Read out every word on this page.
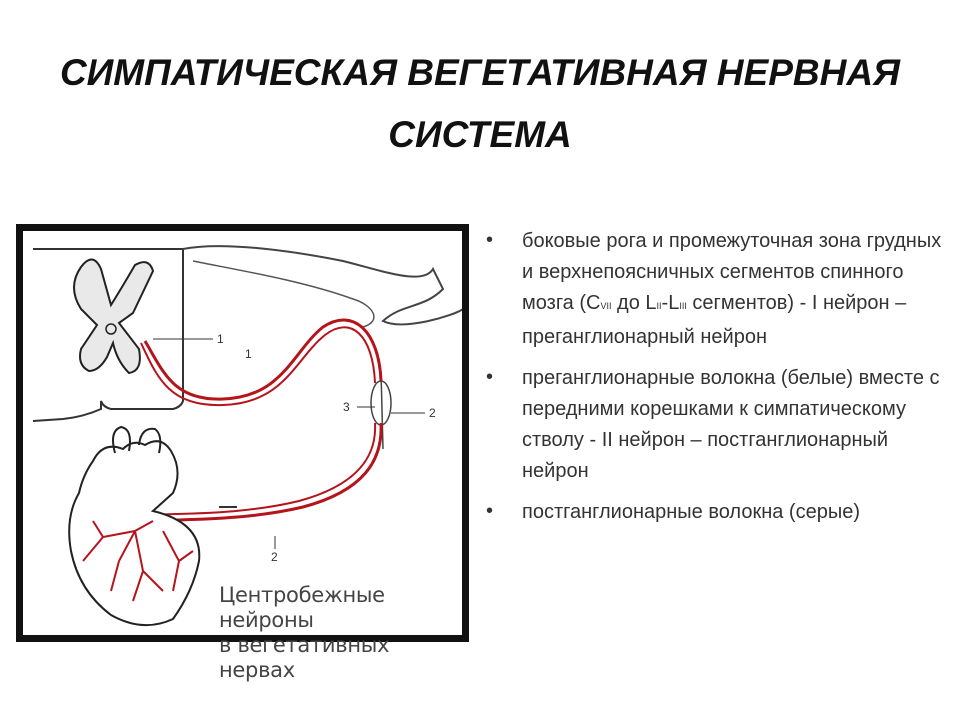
СИМПАТИЧЕСКАЯ ВЕГЕТАТИВНАЯ НЕРВНАЯ
СИСТЕМА
1
1
3	2
2
Центробежные нейроны
в вегетативных нервах
• боковые рога и промежуточная зона грудных и верхнепоясничных сегментов спинного мозга (CVII до LII-LIII сегментов) - I нейрон – преганглионарный нейрон
• преганглионарные волокна (белые) вместе с передними корешками к симпатическому стволу - II нейрон – постганглионарный нейрон
• постганглионарные волокна (серые)
